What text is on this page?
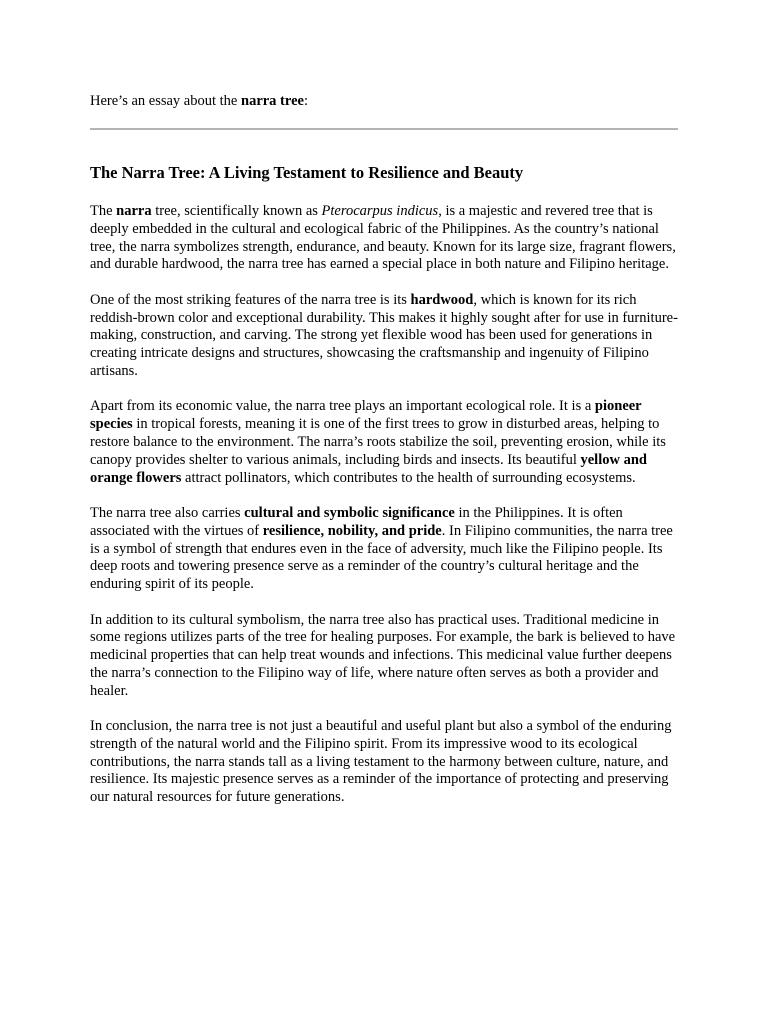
Here’s an essay about the narra tree:

The Narra Tree: A Living Testament to Resilience and Beauty

The narra tree, scientifically known as Pterocarpus indicus, is a majestic and revered tree that is deeply embedded in the cultural and ecological fabric of the Philippines. As the country’s national tree, the narra symbolizes strength, endurance, and beauty. Known for its large size, fragrant flowers, and durable hardwood, the narra tree has earned a special place in both nature and Filipino heritage.

One of the most striking features of the narra tree is its hardwood, which is known for its rich reddish-brown color and exceptional durability. This makes it highly sought after for use in furniture-making, construction, and carving. The strong yet flexible wood has been used for generations in creating intricate designs and structures, showcasing the craftsmanship and ingenuity of Filipino artisans.

Apart from its economic value, the narra tree plays an important ecological role. It is a pioneer species in tropical forests, meaning it is one of the first trees to grow in disturbed areas, helping to restore balance to the environment. The narra’s roots stabilize the soil, preventing erosion, while its canopy provides shelter to various animals, including birds and insects. Its beautiful yellow and orange flowers attract pollinators, which contributes to the health of surrounding ecosystems.

The narra tree also carries cultural and symbolic significance in the Philippines. It is often associated with the virtues of resilience, nobility, and pride. In Filipino communities, the narra tree is a symbol of strength that endures even in the face of adversity, much like the Filipino people. Its deep roots and towering presence serve as a reminder of the country’s cultural heritage and the enduring spirit of its people.

In addition to its cultural symbolism, the narra tree also has practical uses. Traditional medicine in some regions utilizes parts of the tree for healing purposes. For example, the bark is believed to have medicinal properties that can help treat wounds and infections. This medicinal value further deepens the narra’s connection to the Filipino way of life, where nature often serves as both a provider and healer.

In conclusion, the narra tree is not just a beautiful and useful plant but also a symbol of the enduring strength of the natural world and the Filipino spirit. From its impressive wood to its ecological contributions, the narra stands tall as a living testament to the harmony between culture, nature, and resilience. Its majestic presence serves as a reminder of the importance of protecting and preserving our natural resources for future generations.
